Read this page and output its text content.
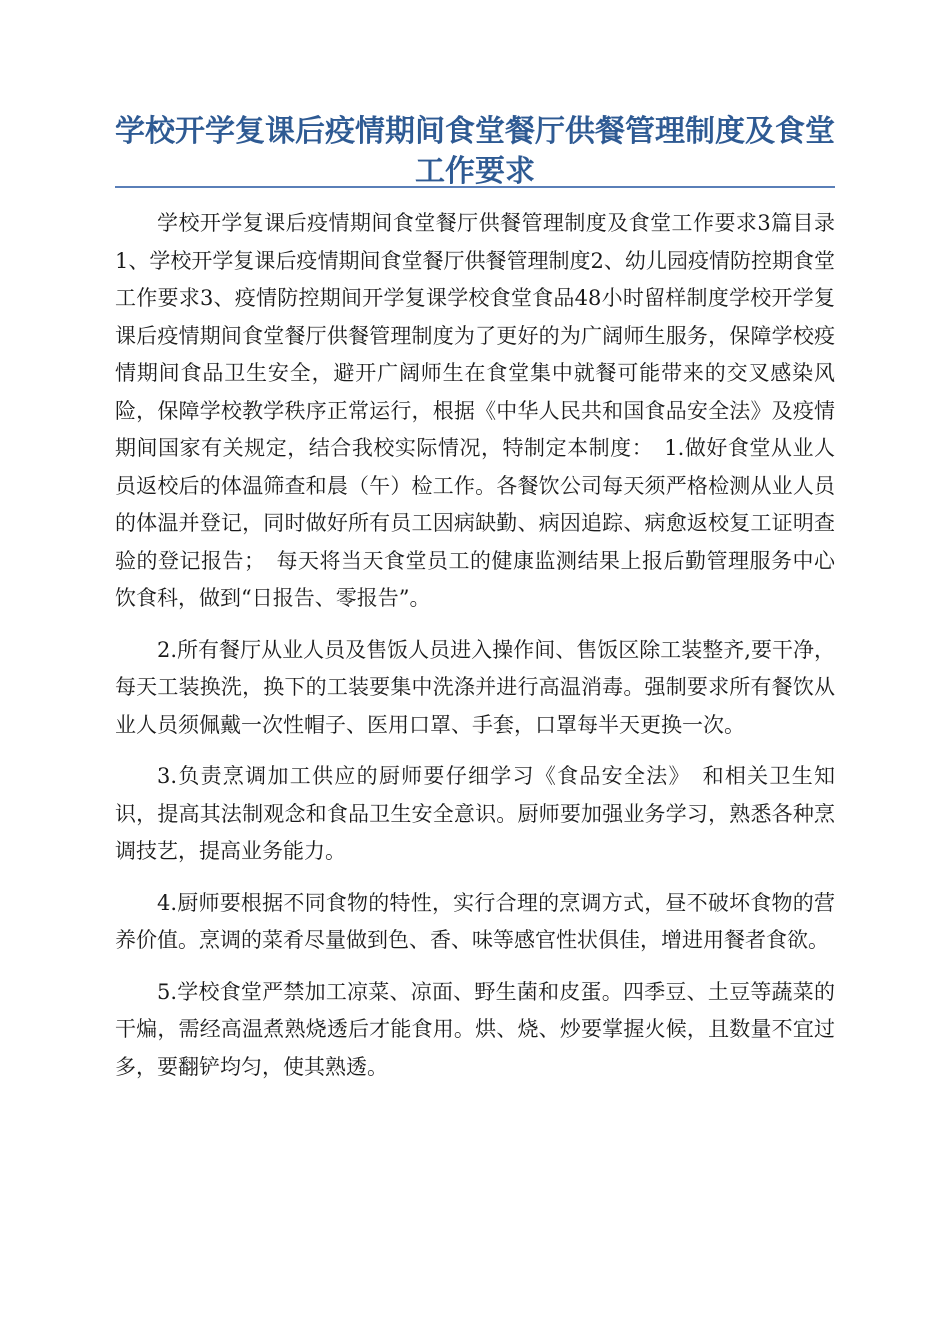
学校开学复课后疫情期间食堂餐厅供餐管理制度及食堂工作要求

学校开学复课后疫情期间食堂餐厅供餐管理制度及食堂工作要求3篇目录1、学校开学复课后疫情期间食堂餐厅供餐管理制度2、幼儿园疫情防控期食堂工作要求3、疫情防控期间开学复课学校食堂食品48小时留样制度学校开学复课后疫情期间食堂餐厅供餐管理制度为了更好的为广阔师生服务，保障学校疫情期间食品卫生安全，避开广阔师生在食堂集中就餐可能带来的交叉感染风险，保障学校教学秩序正常运行，根据《中华人民共和国食品安全法》及疫情期间国家有关规定，结合我校实际情况，特制定本制度：　1.做好食堂从业人员返校后的体温筛查和晨（午）检工作。各餐饮公司每天须严格检测从业人员的体温并登记，同时做好所有员工因病缺勤、病因追踪、病愈返校复工证明查验的登记报告；　每天将当天食堂员工的健康监测结果上报后勤管理服务中心饮食科，做到“日报告、零报告”。

2.所有餐厅从业人员及售饭人员进入操作间、售饭区除工装整齐,要干净，每天工装换洗，换下的工装要集中洗涤并进行高温消毒。强制要求所有餐饮从业人员须佩戴一次性帽子、医用口罩、手套，口罩每半天更换一次。

3.负责烹调加工供应的厨师要仔细学习《食品安全法》　和相关卫生知识，提高其法制观念和食品卫生安全意识。厨师要加强业务学习，熟悉各种烹调技艺，提高业务能力。

4.厨师要根据不同食物的特性，实行合理的烹调方式，昼不破坏食物的营养价值。烹调的菜肴尽量做到色、香、味等感官性状俱佳，增进用餐者食欲。

5.学校食堂严禁加工凉菜、凉面、野生菌和皮蛋。四季豆、土豆等蔬菜的干煸，需经高温煮熟烧透后才能食用。烘、烧、炒要掌握火候，且数量不宜过多，要翻铲均匀，使其熟透。
